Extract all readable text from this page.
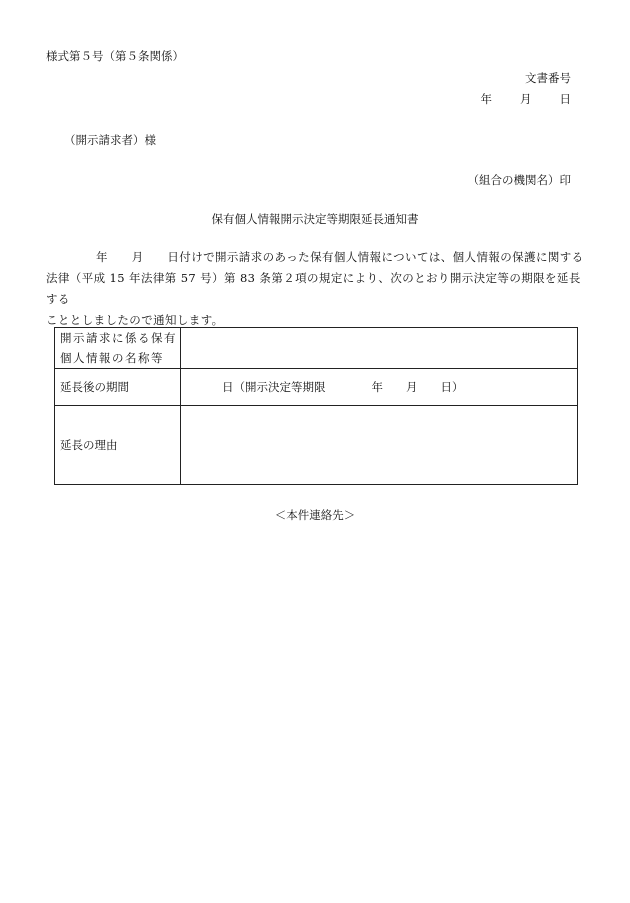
様式第５号（第５条関係）
文書番号
年 月 日
（開示請求者）様
（組合の機関名）印
保有個人情報開示決定等期限延長通知書

年　　月　　日付けで開示請求のあった保有個人情報については、個人情報の保護に関する

法律（平成 15 年法律第 57 号）第 83 条第２項の規定により、次のとおり開示決定等の期限を延長する

こととしましたので通知します。

開示請求に係る保有
個人情報の名称等	

延長後の期間	日（開示決定等期限　　　　年　　月　　日）
延長の理由	
＜本件連絡先＞
